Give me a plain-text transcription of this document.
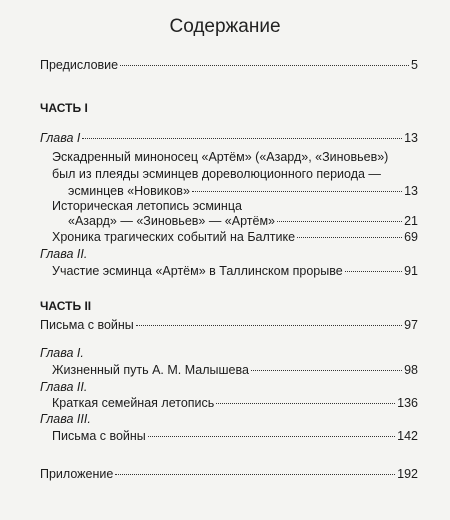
Содержание
Предисловие	5
ЧАСТЬ I
Глава I	13
Эскадренный миноносец «Артём» («Азард», «Зиновьев»)
был из плеяды эсминцев дореволюционного периода —
эсминцев «Новиков»	13
Историческая летопись эсминца
«Азард» — «Зиновьев» — «Артём»	21
Хроника трагических событий на Балтике	69
Глава II.
Участие эсминца «Артём» в Таллинском прорыве	91
ЧАСТЬ II
Письма с войны	97
Глава I.
Жизненный путь А. М. Малышева	98
Глава II.
Краткая семейная летопись	136
Глава III.
Письма с войны	142
Приложение	192
